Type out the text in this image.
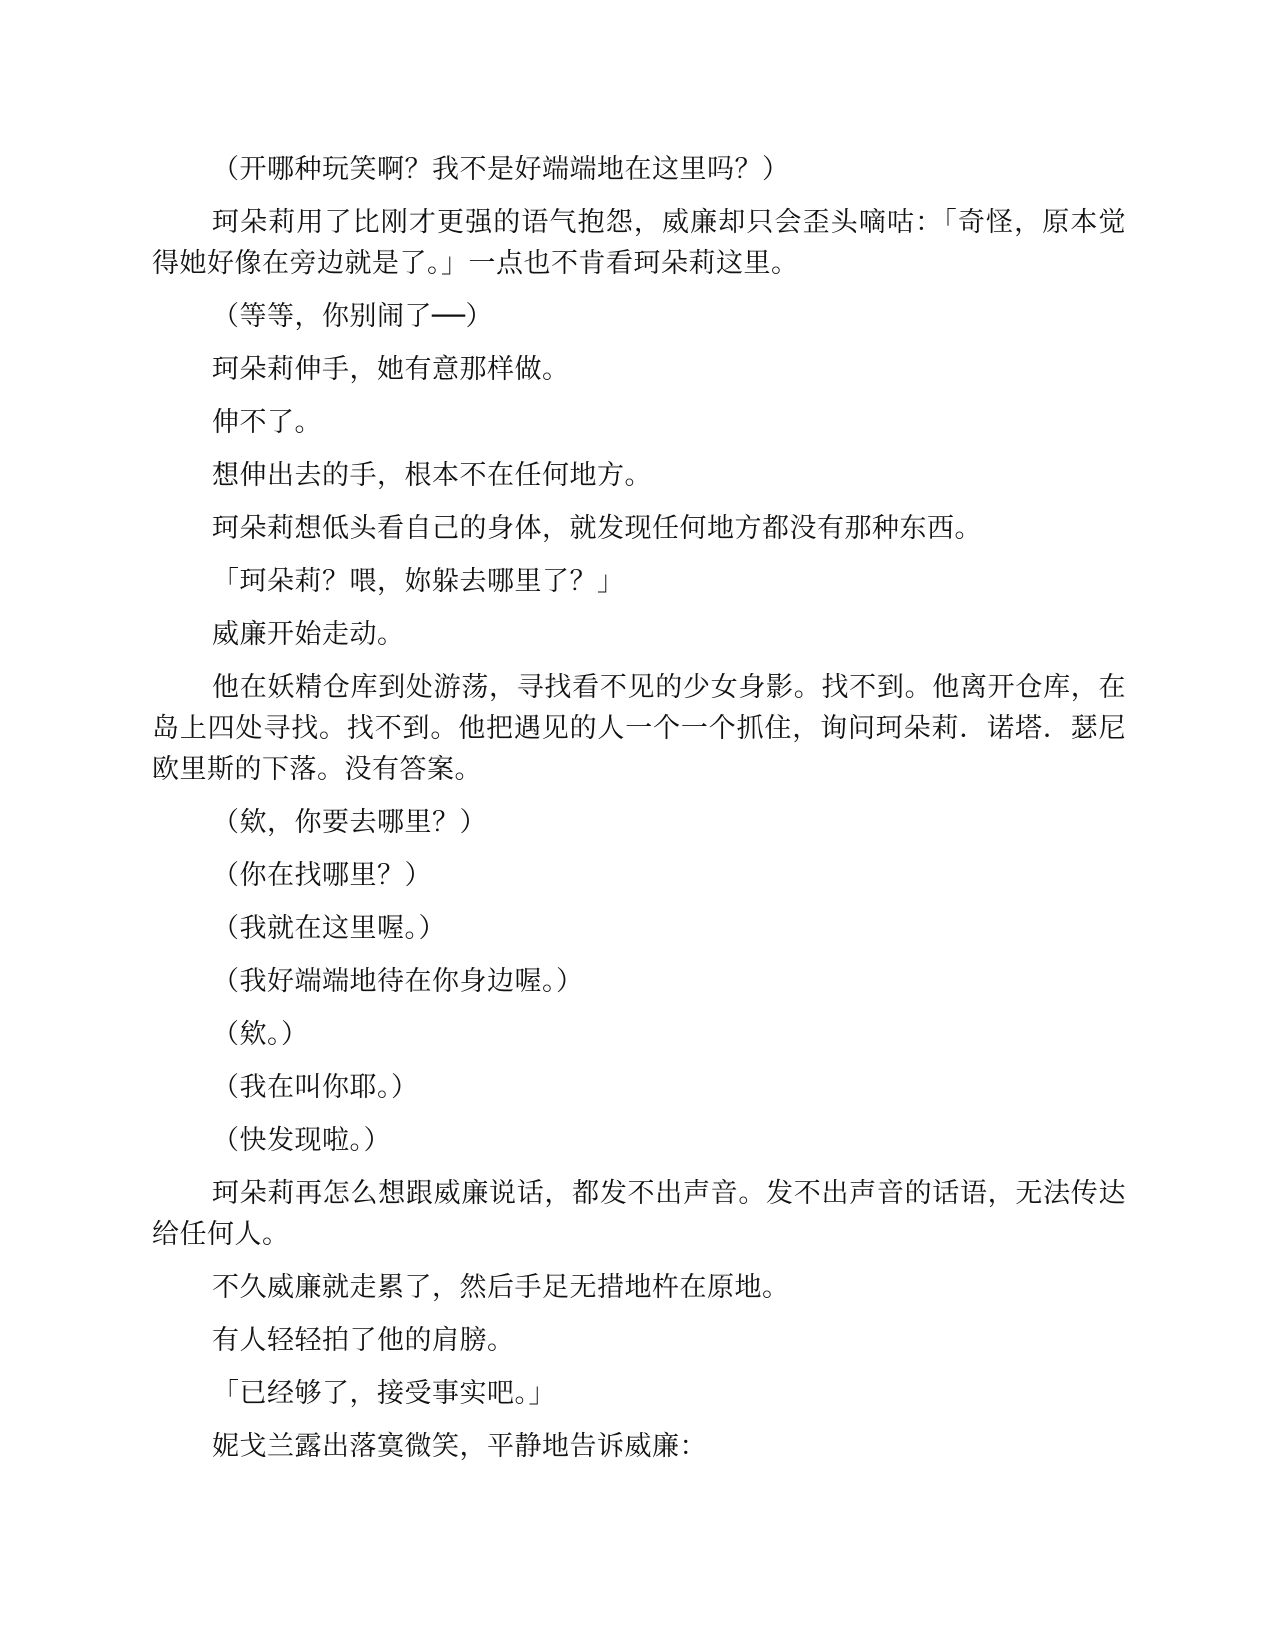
（开哪种玩笑啊？我不是好端端地在这里吗？）

珂朵莉用了比刚才更强的语气抱怨，威廉却只会歪头嘀咕：「奇怪，原本觉得她好像在旁边就是了。」一点也不肯看珂朵莉这里。

（等等，你别闹了──）

珂朵莉伸手，她有意那样做。

伸不了。

想伸出去的手，根本不在任何地方。

珂朵莉想低头看自己的身体，就发现任何地方都没有那种东西。

「珂朵莉？喂，妳躲去哪里了？」

威廉开始走动。

他在妖精仓库到处游荡，寻找看不见的少女身影。找不到。他离开仓库，在岛上四处寻找。找不到。他把遇见的人一个一个抓住，询问珂朵莉．诺塔．瑟尼欧里斯的下落。没有答案。

（欸，你要去哪里？）

（你在找哪里？）

（我就在这里喔。）

（我好端端地待在你身边喔。）

（欸。）

（我在叫你耶。）

（快发现啦。）

珂朵莉再怎么想跟威廉说话，都发不出声音。发不出声音的话语，无法传达给任何人。

不久威廉就走累了，然后手足无措地杵在原地。

有人轻轻拍了他的肩膀。

「已经够了，接受事实吧。」

妮戈兰露出落寞微笑，平静地告诉威廉：
